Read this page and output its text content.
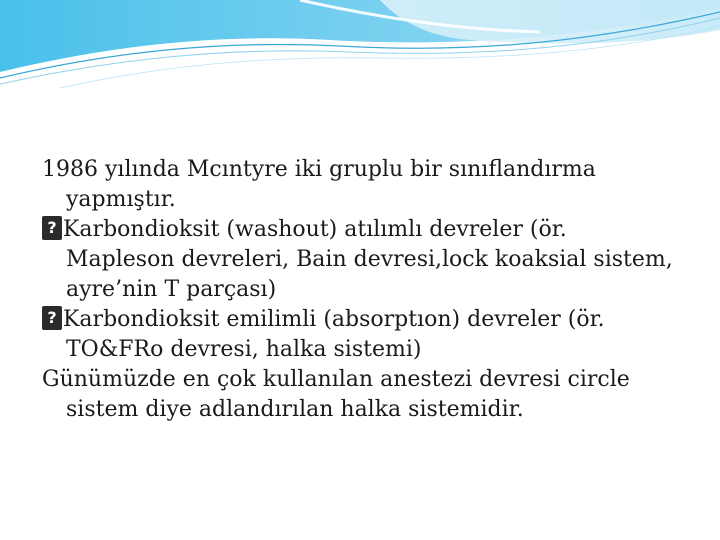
1986 yılında Mcıntyre iki gruplu bir sınıflandırma yapmıştır.

?Karbondioksit (washout) atılımlı devreler (ör. Mapleson devreleri, Bain devresi,lock koaksial sistem, ayre’nin T parçası)

?Karbondioksit emilimli (absorptıon) devreler (ör. TO&FRo devresi, halka sistemi)

Günümüzde en çok kullanılan anestezi devresi circle sistem diye adlandırılan halka sistemidir.
